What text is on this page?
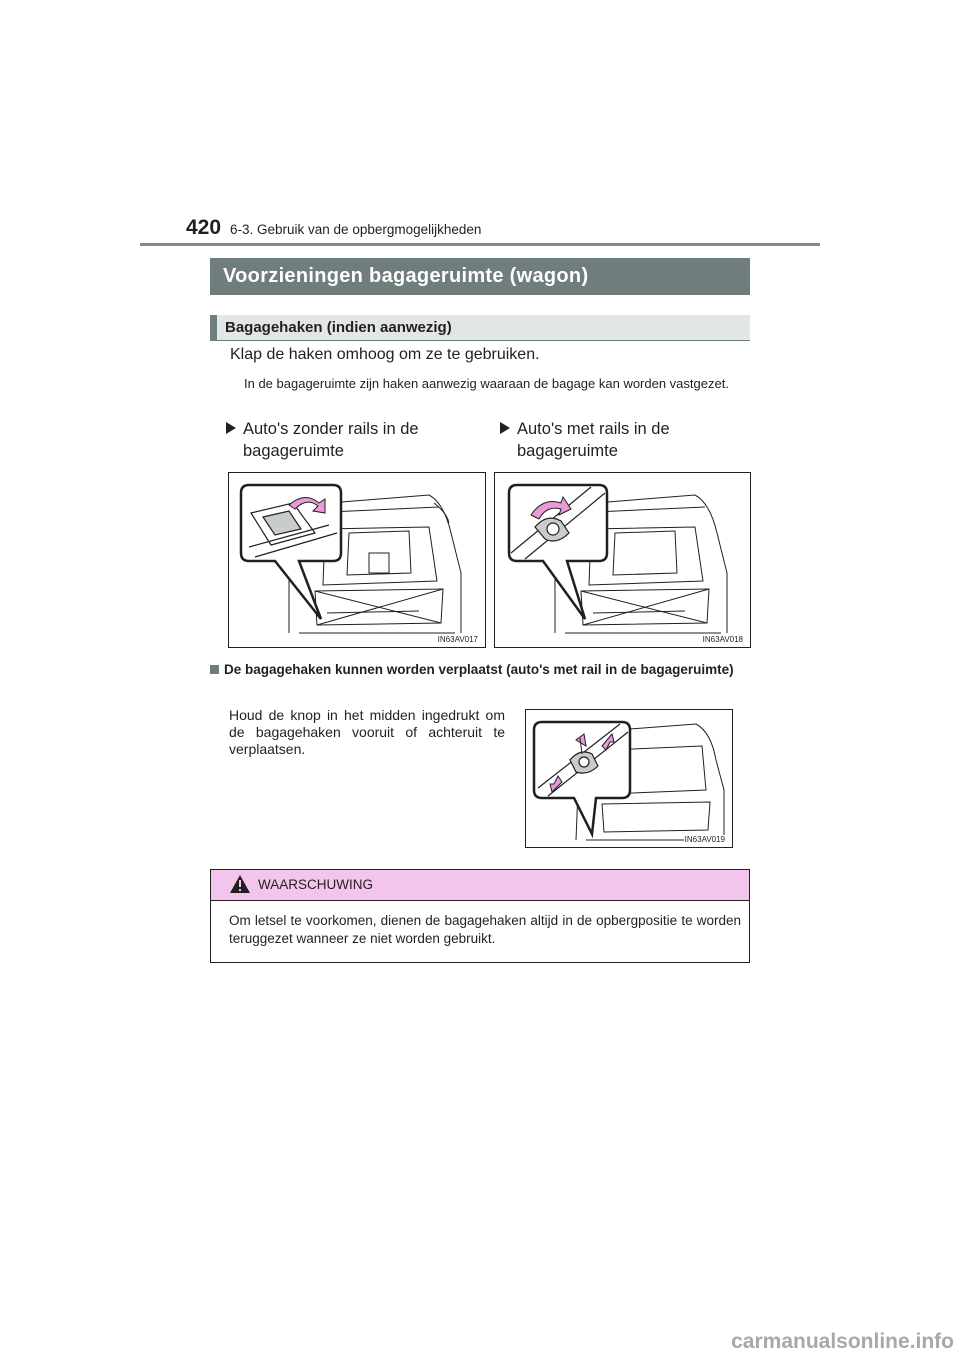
420 6-3. Gebruik van de opbergmogelijkheden
Voorzieningen bagageruimte (wagon)
Bagagehaken (indien aanwezig)
Klap de haken omhoog om ze te gebruiken.
In de bagageruimte zijn haken aanwezig waaraan de bagage kan worden vastgezet.
Auto's zonder rails in de
bagageruimte
Auto's met rails in de
bagageruimte
IN63AV017	IN63AV018
De bagagehaken kunnen worden verplaatst (auto's met rail in de bagageruimte)
Houd de knop in het midden ingedrukt om de bagagehaken vooruit of achteruit te verplaatsen.
IN63AV019
WAARSCHUWING
Om letsel te voorkomen, dienen de bagagehaken altijd in de opbergpositie te worden teruggezet wanneer ze niet worden gebruikt.
carmanualsonline.info
